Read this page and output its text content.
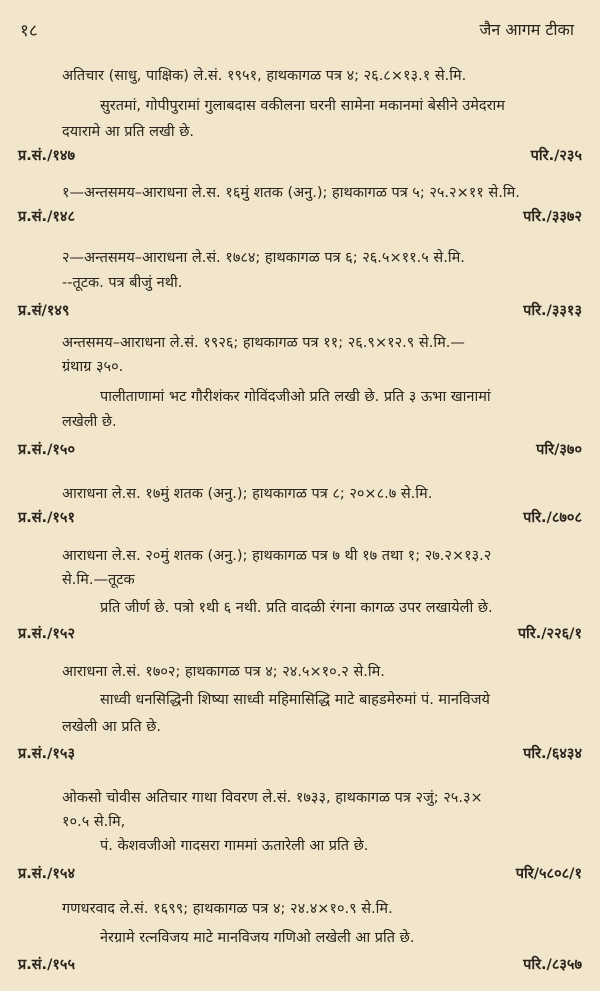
१८	जैन आगम टीका
अतिचार (साधु, पाक्षिक) ले.सं. १९५१, हाथकागळ पत्र ४; २६.८×१३.१ से.मि.
सुरतमां, गोपीपुरामां गुलाबदास वकीलना घरनी सामेना मकानमां बेसीने उमेदराम
दयारामे आ प्रति लखी छे.
प्र.सं./१४७	परि./२३५
१—अन्तसमय–आराधना ले.स. १६मुं शतक (अनु.); हाथकागळ पत्र ५; २५.२×११ से.मि.
प्र.सं./१४८	परि./३३७२
२—अन्तसमय–आराधना ले.सं. १७८४; हाथकागळ पत्र ६; २६.५×११.५ से.मि.
--तूटक. पत्र बीजुं नथी.
प्र.सं/१४९	परि./३३१३
अन्तसमय–आराधना ले.सं. १९२६; हाथकागळ पत्र ११; २६.९×१२.९ से.मि.—
ग्रंथाग्र ३५०.
पालीताणामां भट गौरीशंकर गोविंदजीओ प्रति लखी छे. प्रति ३ ऊभा खानामां
लखेली छे.
प्र.सं./१५०	परि/३७०
आराधना ले.स. १७मुं शतक (अनु.); हाथकागळ पत्र ८; २०×८.७ से.मि.
प्र.सं./१५१	परि./८७०८
आराधना ले.स. २०मुं शतक (अनु.); हाथकागळ पत्र ७ थी १७ तथा १; २७.२×१३.२
से.मि.—तूटक
प्रति जीर्ण छे. पत्रो १थी ६ नथी. प्रति वादळी रंगना कागळ उपर लखायेली छे.
प्र.सं./१५२	परि./२२६/१
आराधना ले.सं. १७०२; हाथकागळ पत्र ४; २४.५×१०.२ से.मि.
साध्वी धनसिद्धिनी शिष्या साध्वी महिमासिद्धि माटे बाहडमेरुमां पं. मानविजये
लखेली आ प्रति छे.
प्र.सं./१५३	परि./६४३४
ओकसो चोवीस अतिचार गाथा विवरण ले.सं. १७३३, हाथकागळ पत्र २जुं; २५.३×
१०.५ से.मि,
पं. केशवजीओ गादसरा गाममां ऊतारेली आ प्रति छे.
प्र.सं./१५४	परि/५८०८/१
गणधरवाद ले.सं. १६९९; हाथकागळ पत्र ४; २४.४×१०.९ से.मि.
नेरग्रामे रत्नविजय माटे मानविजय गणिओ लखेली आ प्रति छे.
प्र.सं./१५५	परि./८३५७
